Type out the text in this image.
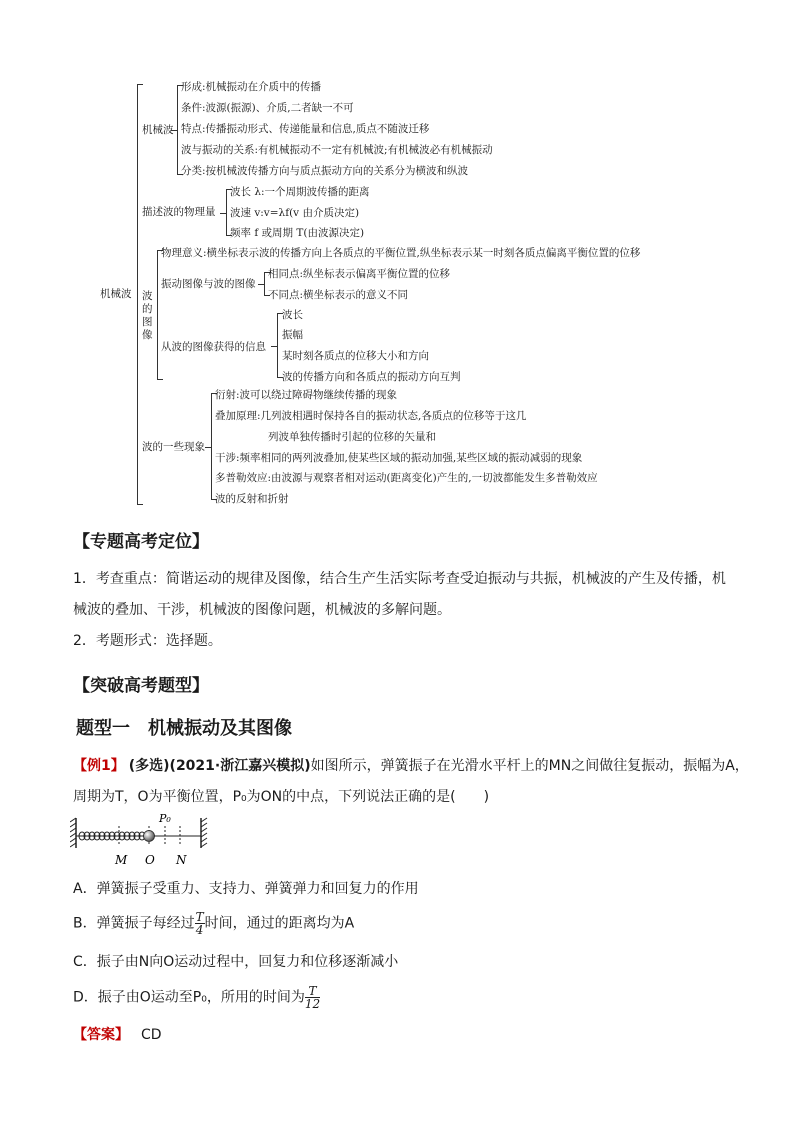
机械波
机械波
形成:机械振动在介质中的传播
条件:波源(振源)、介质,二者缺一不可
特点:传播振动形式、传递能量和信息,质点不随波迁移
波与振动的关系:有机械振动不一定有机械波;有机械波必有机械振动
分类:按机械波传播方向与质点振动方向的关系分为横波和纵波
描述波的物理量
波长 λ:一个周期波传播的距离
波速 v:v=λf(v 由介质决定)
频率 f 或周期 T(由波源决定)
波的图像
物理意义:横坐标表示波的传播方向上各质点的平衡位置,纵坐标表示某一时刻各质点偏离平衡位置的位移
振动图像与波的图像
相同点:纵坐标表示偏离平衡位置的位移
不同点:横坐标表示的意义不同
从波的图像获得的信息
波长
振幅
某时刻各质点的位移大小和方向
波的传播方向和各质点的振动方向互判
波的一些现象
衍射:波可以绕过障碍物继续传播的现象
叠加原理:几列波相遇时保持各自的振动状态,各质点的位移等于这几
列波单独传播时引起的位移的矢量和
干涉:频率相同的两列波叠加,使某些区域的振动加强,某些区域的振动减弱的现象
多普勒效应:由波源与观察者相对运动(距离变化)产生的,一切波都能发生多普勒效应
波的反射和折射
【专题高考定位】
1．考查重点：简谐运动的规律及图像，结合生产生活实际考查受迫振动与共振，机械波的产生及传播，机
械波的叠加、干涉，机械波的图像问题，机械波的多解问题。
2．考题形式：选择题。
【突破高考题型】
题型一　机械振动及其图像
【例1】 (多选)(2021·浙江嘉兴模拟)如图所示，弹簧振子在光滑水平杆上的MN之间做往复振动，振幅为A，
周期为T，O为平衡位置，P₀为ON的中点，下列说法正确的是(　　)
M O N
P₀
A．弹簧振子受重力、支持力、弹簧弹力和回复力的作用
B．弹簧振子每经过 $\frac{T}{4}$ 时间，通过的距离均为A
C．振子由N向O运动过程中，回复力和位移逐渐减小
D．振子由O运动至P₀，所用的时间为 $\frac{T}{12}$
【答案】 CD
